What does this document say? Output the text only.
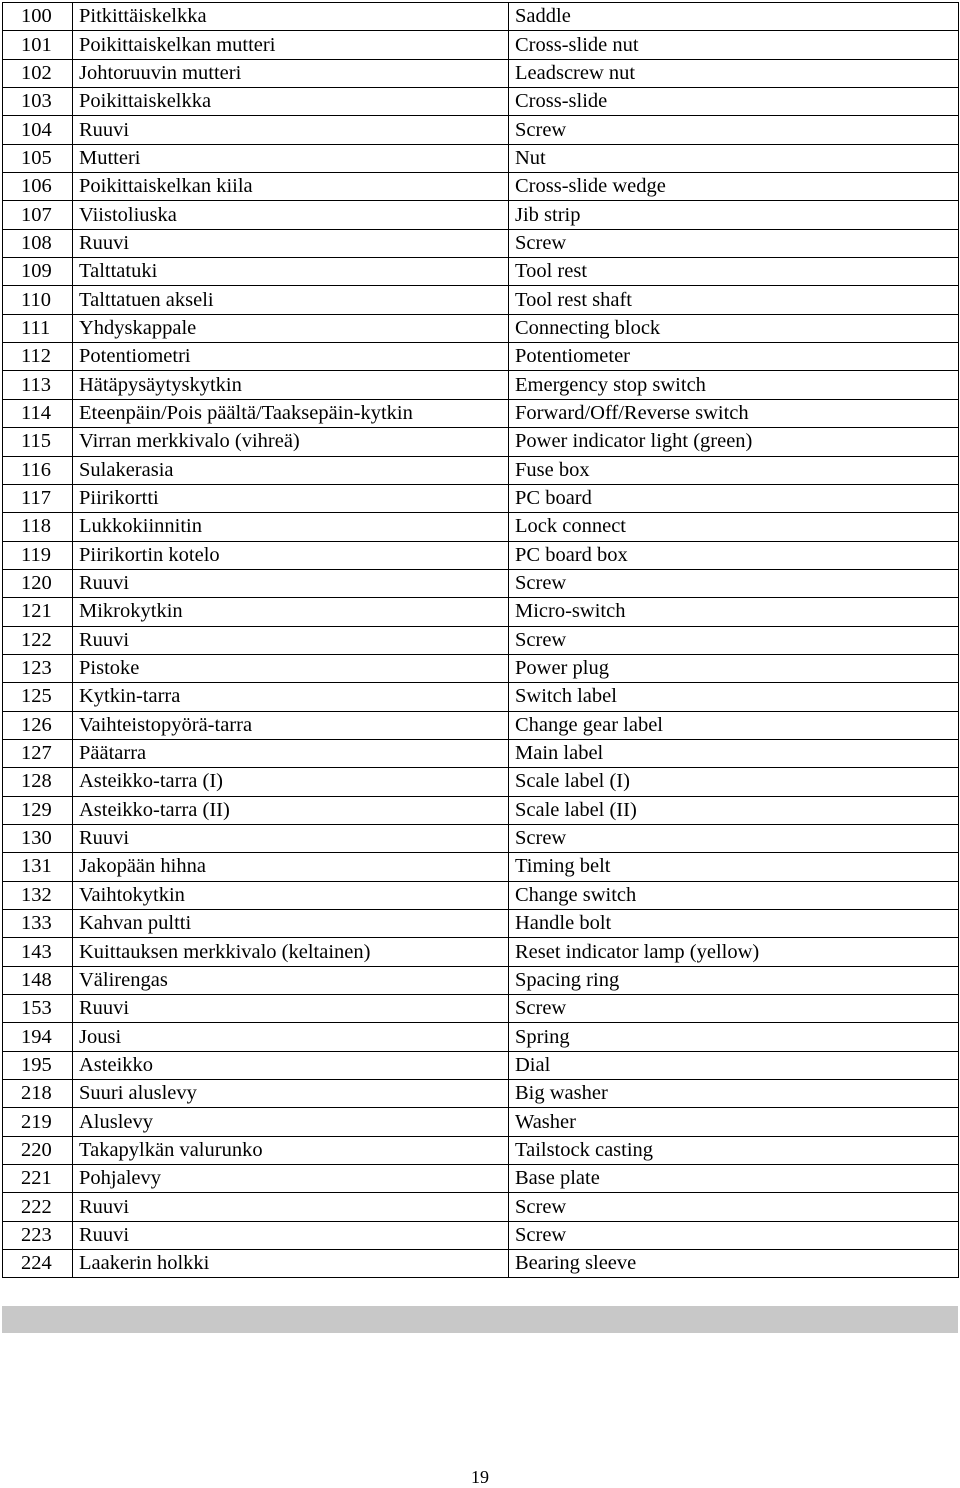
100	Pitkittäiskelkka	Saddle
101	Poikittaiskelkan mutteri	Cross-slide nut
102	Johtoruuvin mutteri	Leadscrew nut
103	Poikittaiskelkka	Cross-slide
104	Ruuvi	Screw
105	Mutteri	Nut
106	Poikittaiskelkan kiila	Cross-slide wedge
107	Viistoliuska	Jib strip
108	Ruuvi	Screw
109	Talttatuki	Tool rest
110	Talttatuen akseli	Tool rest shaft
111	Yhdyskappale	Connecting block
112	Potentiometri	Potentiometer
113	Hätäpysäytyskytkin	Emergency stop switch
114	Eteenpäin/Pois päältä/Taaksepäin-kytkin	Forward/Off/Reverse switch
115	Virran merkkivalo (vihreä)	Power indicator light (green)
116	Sulakerasia	Fuse box
117	Piirikortti	PC board
118	Lukkokiinnitin	Lock connect
119	Piirikortin kotelo	PC board box
120	Ruuvi	Screw
121	Mikrokytkin	Micro-switch
122	Ruuvi	Screw
123	Pistoke	Power plug
125	Kytkin-tarra	Switch label
126	Vaihteistopyörä-tarra	Change gear label
127	Päätarra	Main label
128	Asteikko-tarra (I)	Scale label (I)
129	Asteikko-tarra (II)	Scale label (II)
130	Ruuvi	Screw
131	Jakopään hihna	Timing belt
132	Vaihtokytkin	Change switch
133	Kahvan pultti	Handle bolt
143	Kuittauksen merkkivalo (keltainen)	Reset indicator lamp (yellow)
148	Välirengas	Spacing ring
153	Ruuvi	Screw
194	Jousi	Spring
195	Asteikko	Dial
218	Suuri aluslevy	Big washer
219	Aluslevy	Washer
220	Takapylkän valurunko	Tailstock casting
221	Pohjalevy	Base plate
222	Ruuvi	Screw
223	Ruuvi	Screw
224	Laakerin holkki	Bearing sleeve
19
